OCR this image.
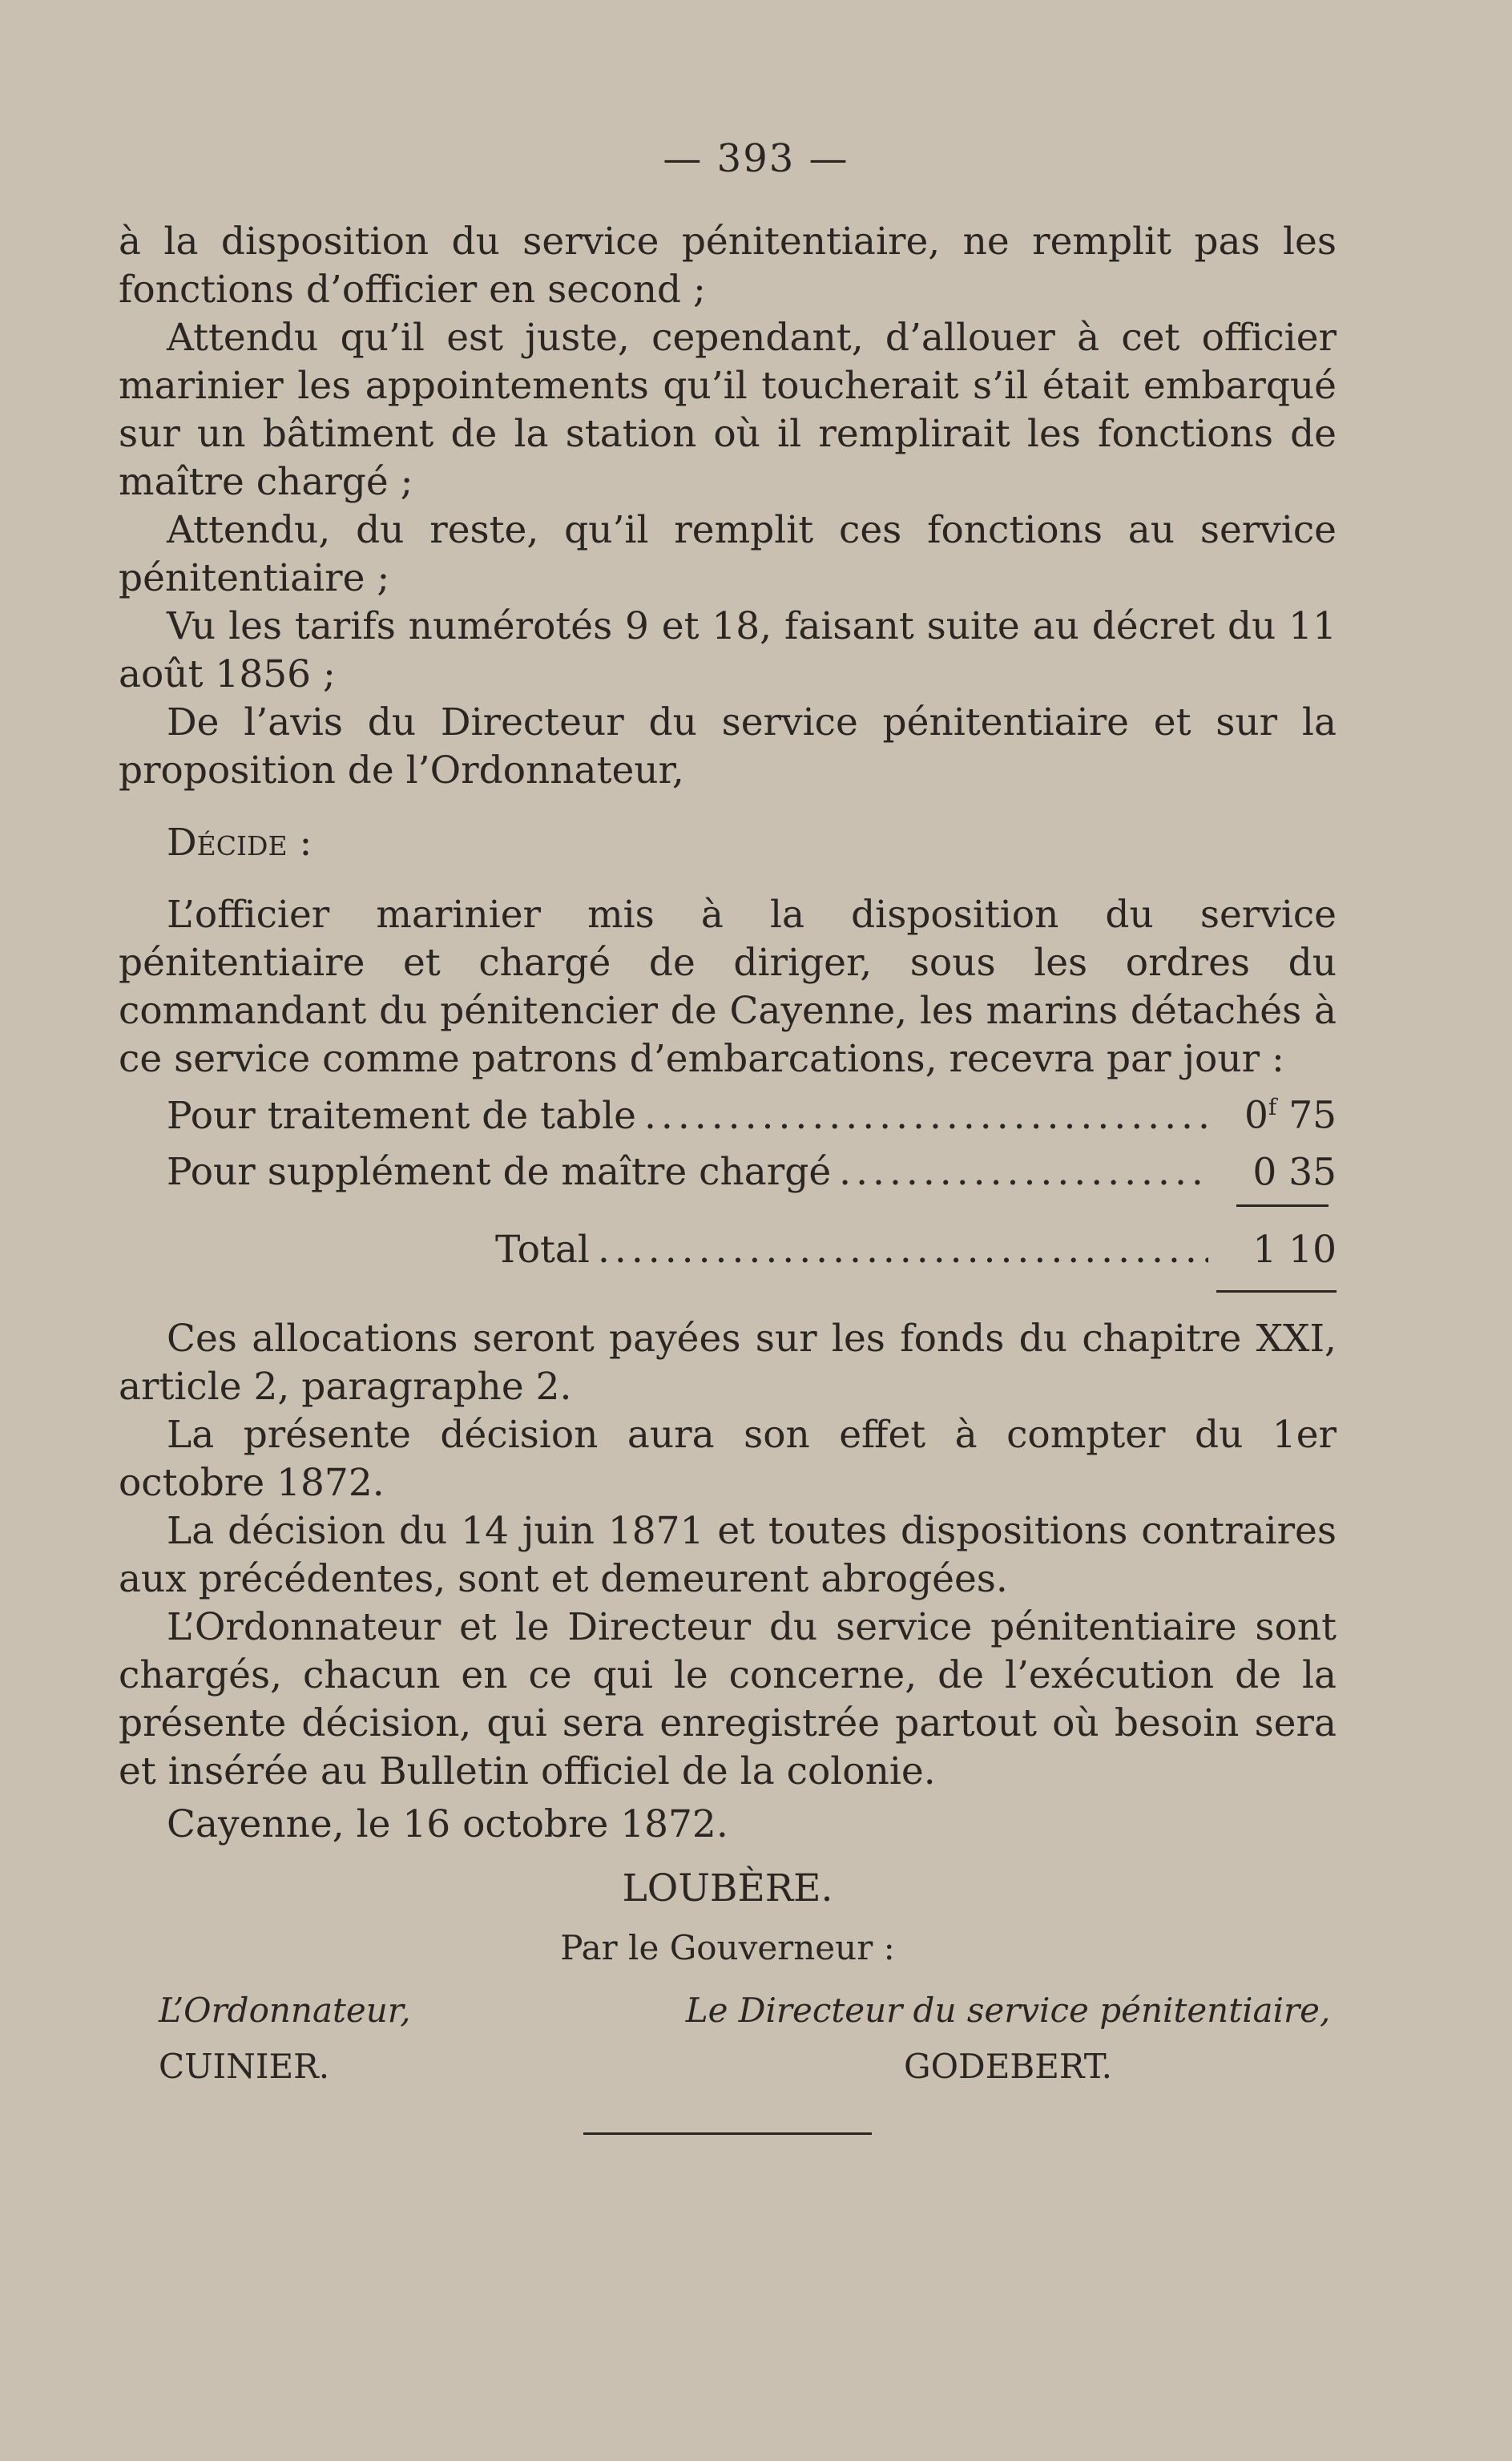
— 393 —

à la disposition du service pénitentiaire, ne remplit pas les fonctions d’officier en second ;

Attendu qu’il est juste, cependant, d’allouer à cet officier marinier les appointements qu’il toucherait s’il était embarqué sur un bâtiment de la station où il remplirait les fonctions de maître chargé ;

Attendu, du reste, qu’il remplit ces fonctions au service pénitentiaire ;

Vu les tarifs numérotés 9 et 18, faisant suite au décret du 11 août 1856 ;

De l’avis du Directeur du service pénitentiaire et sur la proposition de l’Ordonnateur,

Décide :

L’officier marinier mis à la disposition du service pénitentiaire et chargé de diriger, sous les ordres du commandant du pénitencier de Cayenne, les marins détachés à ce service comme patrons d’embarcations, recevra par jour :

Pour traitement de table .....	0$^f$ 75
Pour supplément de maître chargé .....	0 35
Total .....	1 10

Ces allocations seront payées sur les fonds du chapitre XXI, article 2, paragraphe 2.

La présente décision aura son effet à compter du 1er octobre 1872.

La décision du 14 juin 1871 et toutes dispositions contraires aux précédentes, sont et demeurent abrogées.

L’Ordonnateur et le Directeur du service pénitentiaire sont chargés, chacun en ce qui le concerne, de l’exécution de la présente décision, qui sera enregistrée partout où besoin sera et insérée au Bulletin officiel de la colonie.

Cayenne, le 16 octobre 1872.

LOUBÈRE.

Par le Gouverneur :

L’Ordonnateur,
CUINIER.
Le Directeur du service pénitentiaire,
GODEBERT.
